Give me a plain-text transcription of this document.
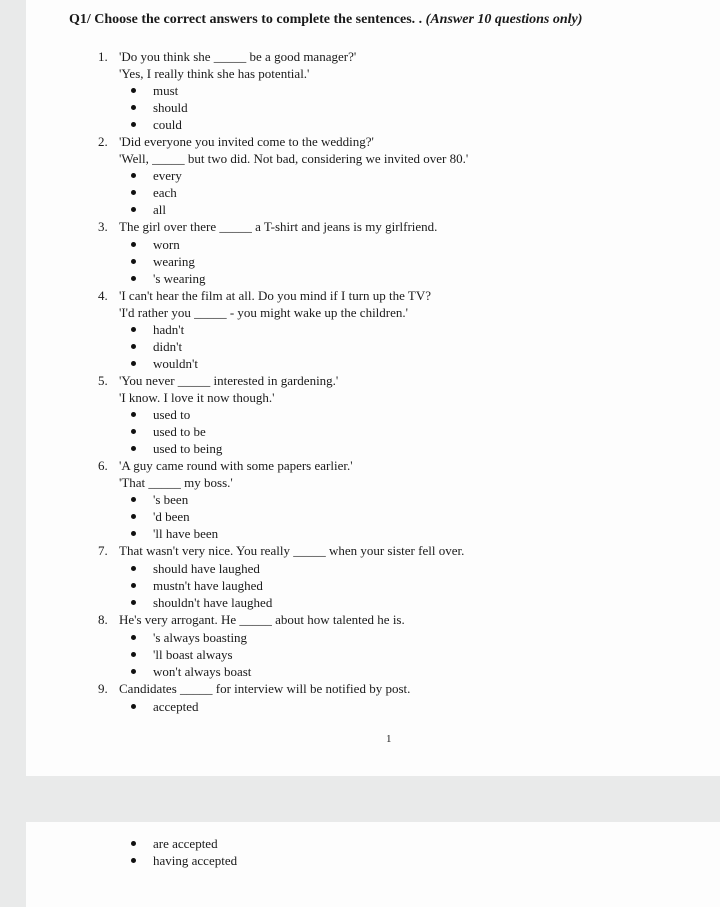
Q1/ Choose the correct answers to complete the sentences. . (Answer 10 questions only)
1. 'Do you think she _____ be a good manager?'
'Yes, I really think she has potential.'
must
should
could
2. 'Did everyone you invited come to the wedding?'
'Well, _____ but two did. Not bad, considering we invited over 80.'
every
each
all
3. The girl over there _____ a T-shirt and jeans is my girlfriend.
worn
wearing
's wearing
4. 'I can't hear the film at all. Do you mind if I turn up the TV?
'I'd rather you _____ - you might wake up the children.'
hadn't
didn't
wouldn't
5. 'You never _____ interested in gardening.'
'I know. I love it now though.'
used to
used to be
used to being
6. 'A guy came round with some papers earlier.'
'That _____ my boss.'
's been
'd been
'll have been
7. That wasn't very nice. You really _____ when your sister fell over.
should have laughed
mustn't have laughed
shouldn't have laughed
8. He's very arrogant. He _____ about how talented he is.
's always boasting
'll boast always
won't always boast
9. Candidates _____ for interview will be notified by post.
accepted
1
are accepted
having accepted
